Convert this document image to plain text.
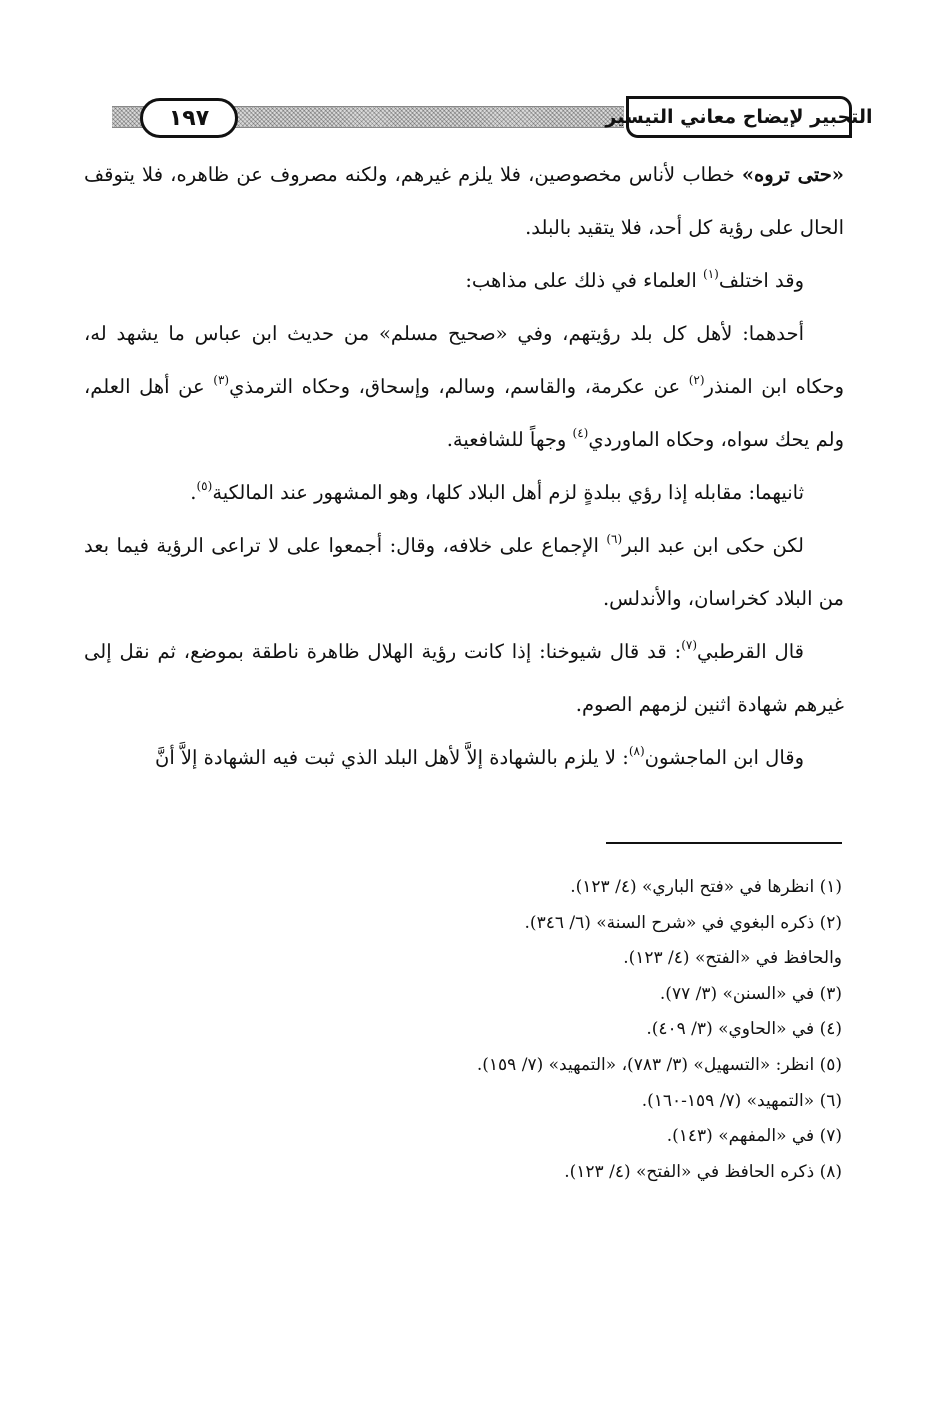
١٩٧	التحبير لإيضاح معاني التيسير

«حتى تروه» خطاب لأناس مخصوصين، فلا يلزم غيرهم، ولكنه مصروف عن ظاهره، فلا يتوقف الحال على رؤية كل أحد، فلا يتقيد بالبلد.

وقد اختلف$^{(١)}$ العلماء في ذلك على مذاهب:

أحدهما: لأهل كل بلد رؤيتهم، وفي «صحيح مسلم» من حديث ابن عباس ما يشهد له، وحكاه ابن المنذر$^{(٢)}$ عن عكرمة، والقاسم، وسالم، وإسحاق، وحكاه الترمذي$^{(٣)}$ عن أهل العلم، ولم يحك سواه، وحكاه الماوردي$^{(٤)}$ وجهاً للشافعية.

ثانيهما: مقابله إذا رؤي ببلدةٍ لزم أهل البلاد كلها، وهو المشهور عند المالكية$^{(٥)}$.

لكن حكى ابن عبد البر$^{(٦)}$ الإجماع على خلافه، وقال: أجمعوا على لا تراعى الرؤية فيما بعد من البلاد كخراسان، والأندلس.

قال القرطبي$^{(٧)}$: قد قال شيوخنا: إذا كانت رؤية الهلال ظاهرة ناطقة بموضع، ثم نقل إلى غيرهم شهادة اثنين لزمهم الصوم.

وقال ابن الماجشون$^{(٨)}$: لا يلزم بالشهادة إلاَّ لأهل البلد الذي ثبت فيه الشهادة إلاَّ أنَّ

(١) انظرها في «فتح الباري» (٤/ ١٢٣).
(٢) ذكره البغوي في «شرح السنة» (٦/ ٣٤٦).
والحافظ في «الفتح» (٤/ ١٢٣).
(٣) في «السنن» (٣/ ٧٧).
(٤) في «الحاوي» (٣/ ٤٠٩).
(٥) انظر: «التسهيل» (٣/ ٧٨٣)، «التمهيد» (٧/ ١٥٩).
(٦) «التمهيد» (٧/ ١٥٩-١٦٠).
(٧) في «المفهم» (١٤٣).
(٨) ذكره الحافظ في «الفتح» (٤/ ١٢٣).
